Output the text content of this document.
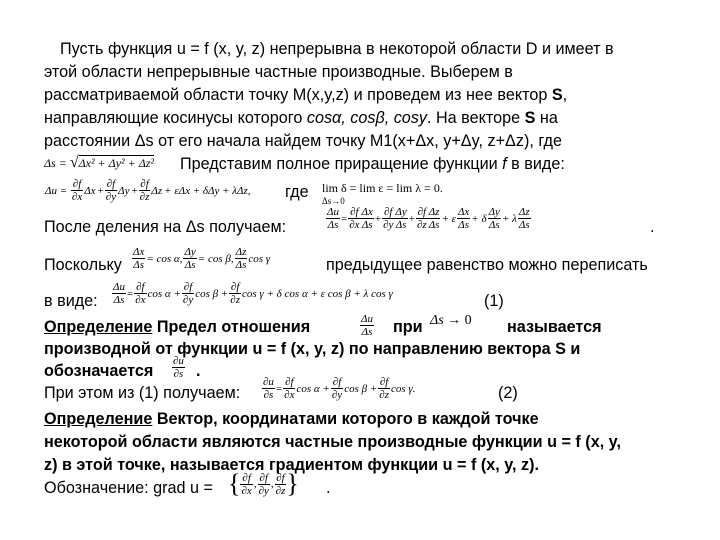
Пусть функция u = f (x, y, z) непрерывна в некоторой области D и имеет в
этой области непрерывные частные производные. Выберем в
рассматриваемой области точку M(x,y,z) и проведем из нее вектор S,
направляющие косинусы которого cosα, cosβ, cosy. На векторе S на
расстоянии Δs от его начала найдем точку M1(x+Δx, y+Δy, z+Δz), где
Δs = √Δx² + Δy² + Δz² Представим полное приращение функции f в виде:
$\Delta u = \frac{\partial f}{\partial x}$ $\Delta x + \frac{\partial f}{\partial y}$ $\Delta y + \frac{\partial f}{\partial z}$ Δz + εΔx + δΔy + λΔz, где lim δ = lim ε = lim λ = 0.
Δs→0
После деления на Δs получаем:	$\frac{\Delta u}{\Delta s} = \frac{\partial f}{\partial x} \frac{\Delta x}{\Delta s} + \frac{\partial f}{\partial y} \frac{\Delta y}{\Delta s} + \frac{\partial f}{\partial z} \frac{\Delta z}{\Delta s} + \varepsilon \frac{\Delta x}{\Delta s} + \delta \frac{\Delta y}{\Delta s} + \lambda \frac{\Delta z}{\Delta s}$	.
Поскольку $\frac{\Delta x}{\Delta s} = \cos \alpha$, $\frac{\Delta y}{\Delta s} = \cos \beta$, $\frac{\Delta z}{\Delta s}$ cos γ	предыдущее равенство можно переписать
в виде: $\frac{\Delta u}{\Delta s} = \frac{\partial f}{\partial x}$ $\cos \alpha + \frac{\partial f}{\partial y}$ $\cos \beta + \frac{\partial f}{\partial z}$ cos γ + δ cos α + ε cos β + λ cos γ	(1)
Определение Предел отношения	$\frac{\Delta u}{\Delta s}$ при Δs → 0 называется
производной от функции u = f (x, y, z) по направлению вектора S и
обозначается $\frac{\partial u}{\partial s}$ .
При этом из (1) получаем: $\frac{\partial u}{\partial s} = \frac{\partial f}{\partial x}$ $\cos \alpha + \frac{\partial f}{\partial y}$ $\cos \beta + \frac{\partial f}{\partial z}$ cos γ.	(2)
Определение Вектор, координатами которого в каждой точке
некоторой области являются частные производные функции u = f (x, y,
z) в этой точке, называется градиентом функции u = f (x, y, z).
Обозначение: grad u = { $\frac{\partial f}{\partial x}$ , $\frac{\partial f}{\partial y}$ , $\frac{\partial f}{\partial z}$ } .
